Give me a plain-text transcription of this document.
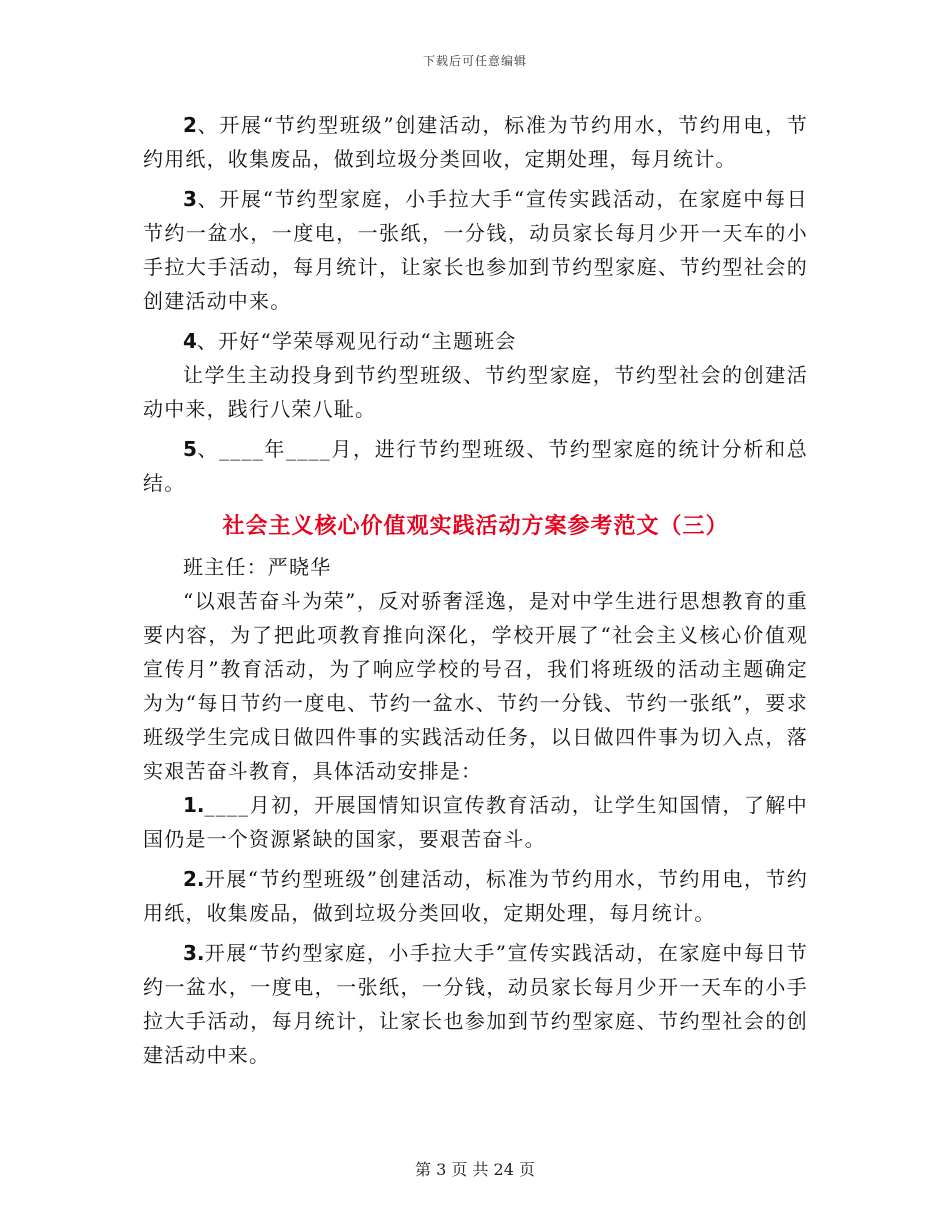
下载后可任意编辑

2、开展“节约型班级”创建活动，标准为节约用水，节约用电，节约用纸，收集废品，做到垃圾分类回收，定期处理，每月统计。

3、开展“节约型家庭，小手拉大手“宣传实践活动，在家庭中每日节约一盆水，一度电，一张纸，一分钱，动员家长每月少开一天车的小手拉大手活动，每月统计，让家长也参加到节约型家庭、节约型社会的创建活动中来。

4、开好“学荣辱观见行动“主题班会

让学生主动投身到节约型班级、节约型家庭，节约型社会的创建活动中来，践行八荣八耻。

5、____年____月，进行节约型班级、节约型家庭的统计分析和总结。

社会主义核心价值观实践活动方案参考范文（三）

班主任：严晓华

“以艰苦奋斗为荣”，反对骄奢淫逸，是对中学生进行思想教育的重要内容，为了把此项教育推向深化，学校开展了“社会主义核心价值观宣传月”教育活动，为了响应学校的号召，我们将班级的活动主题确定为为“每日节约一度电、节约一盆水、节约一分钱、节约一张纸”，要求班级学生完成日做四件事的实践活动任务，以日做四件事为切入点，落实艰苦奋斗教育，具体活动安排是：

1.____月初，开展国情知识宣传教育活动，让学生知国情，了解中国仍是一个资源紧缺的国家，要艰苦奋斗。

2.开展“节约型班级”创建活动，标准为节约用水，节约用电，节约用纸，收集废品，做到垃圾分类回收，定期处理，每月统计。

3.开展“节约型家庭，小手拉大手”宣传实践活动，在家庭中每日节约一盆水，一度电，一张纸，一分钱，动员家长每月少开一天车的小手拉大手活动，每月统计，让家长也参加到节约型家庭、节约型社会的创建活动中来。

第 3 页 共 24 页
